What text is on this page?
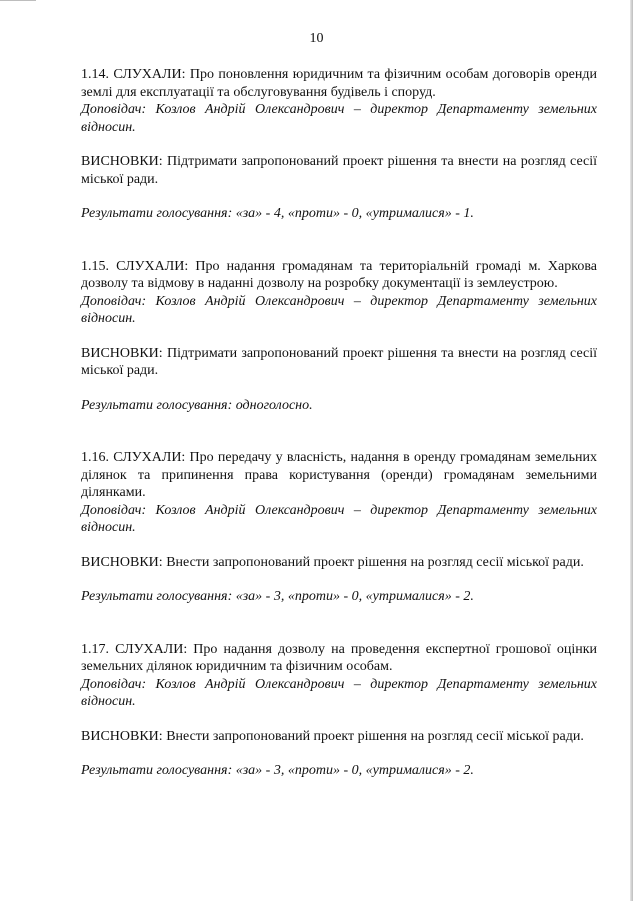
10

1.14. СЛУХАЛИ: Про поновлення юридичним та фізичним особам договорів оренди землі для експлуатації та обслуговування будівель і споруд.

Доповідач: Козлов Андрій Олександрович – директор Департаменту земельних відносин.

ВИСНОВКИ: Підтримати запропонований проект рішення та внести на розгляд сесії міської ради.

Результати голосування: «за» - 4, «проти» - 0, «утрималися» - 1.

1.15. СЛУХАЛИ: Про надання громадянам та територіальній громаді м. Харкова дозволу та відмову в наданні дозволу на розробку документації із землеустрою.

Доповідач: Козлов Андрій Олександрович – директор Департаменту земельних відносин.

ВИСНОВКИ: Підтримати запропонований проект рішення та внести на розгляд сесії міської ради.

Результати голосування: одноголосно.

1.16. СЛУХАЛИ: Про передачу у власність, надання в оренду громадянам земельних ділянок та припинення права користування (оренди) громадянам земельними ділянками.

Доповідач: Козлов Андрій Олександрович – директор Департаменту земельних відносин.

ВИСНОВКИ: Внести запропонований проект рішення на розгляд сесії міської ради.

Результати голосування: «за» - 3, «проти» - 0, «утрималися» - 2.

1.17. СЛУХАЛИ: Про надання дозволу на проведення експертної грошової оцінки земельних ділянок юридичним та фізичним особам.

Доповідач: Козлов Андрій Олександрович – директор Департаменту земельних відносин.

ВИСНОВКИ: Внести запропонований проект рішення на розгляд сесії міської ради.

Результати голосування: «за» - 3, «проти» - 0, «утрималися» - 2.
